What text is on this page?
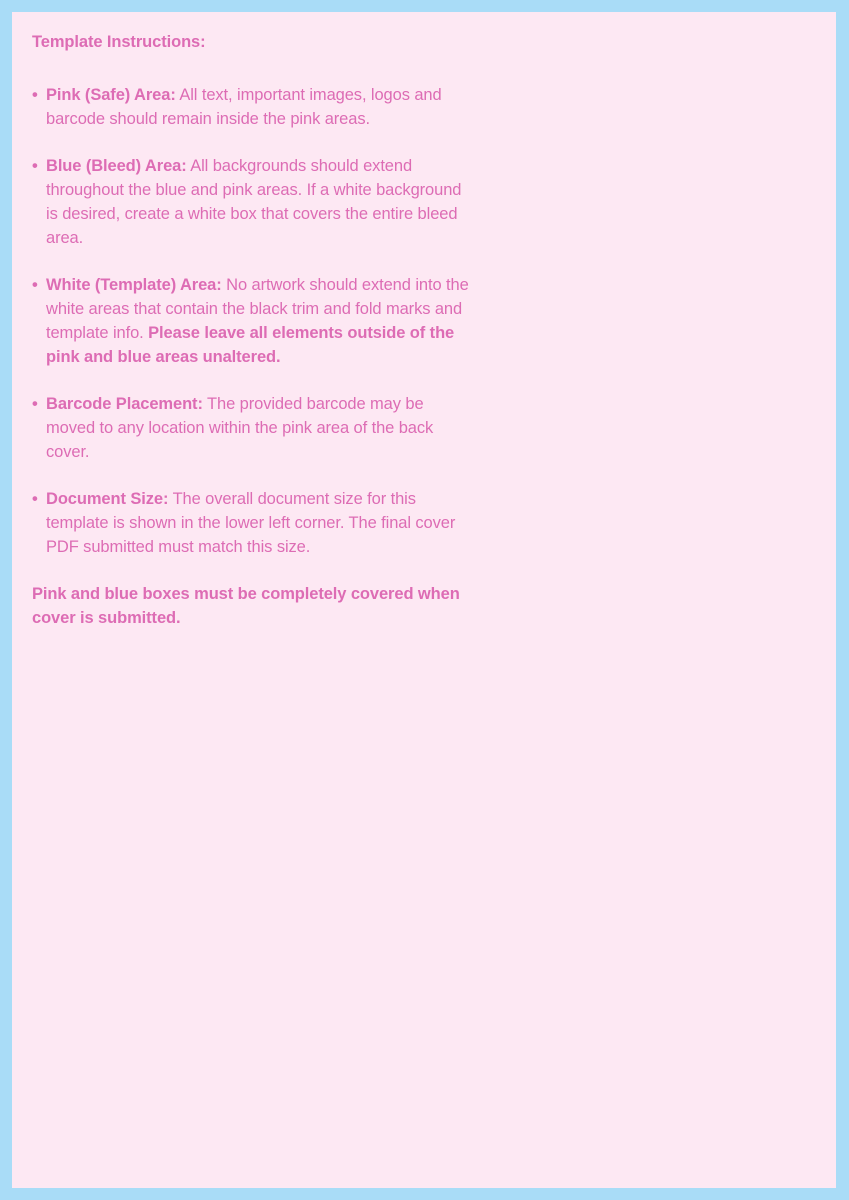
Template Instructions:
• Pink (Safe) Area: All text, important images, logos and barcode should remain inside the pink areas.
• Blue (Bleed) Area: All backgrounds should extend throughout the blue and pink areas. If a white background is desired, create a white box that covers the entire bleed area.
• White (Template) Area: No artwork should extend into the white areas that contain the black trim and fold marks and template info. Please leave all elements outside of the pink and blue areas unaltered.
• Barcode Placement: The provided barcode may be moved to any location within the pink area of the back cover.
• Document Size: The overall document size for this template is shown in the lower left corner. The final cover PDF submitted must match this size.
Pink and blue boxes must be completely covered when cover is submitted.
